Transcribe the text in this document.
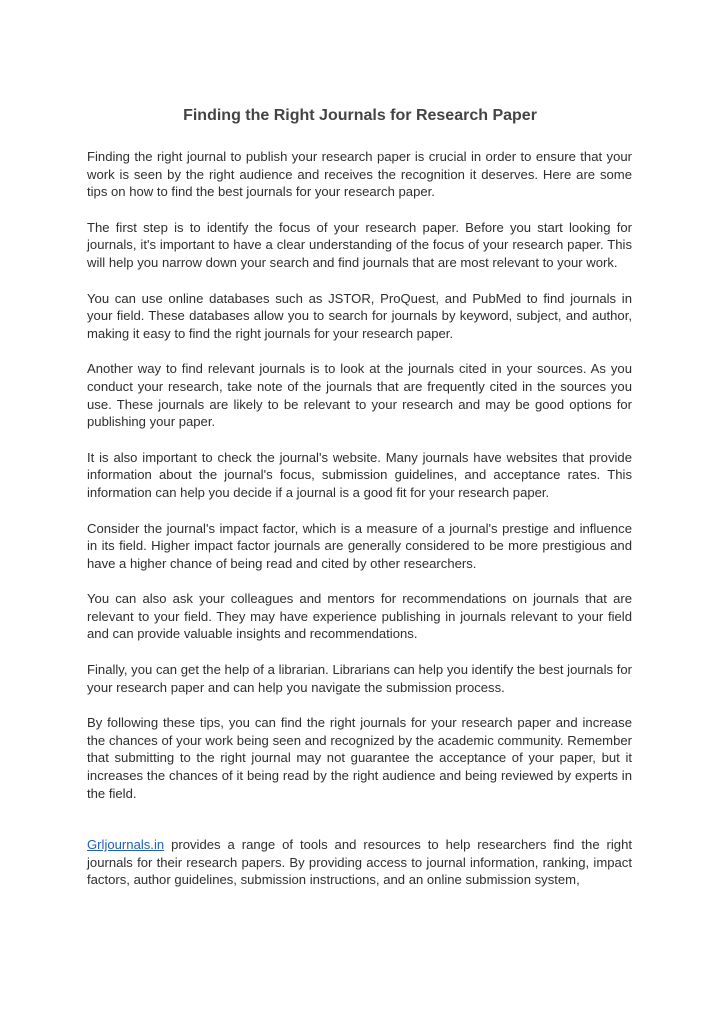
Finding the Right Journals for Research Paper

Finding the right journal to publish your research paper is crucial in order to ensure that your work is seen by the right audience and receives the recognition it deserves. Here are some tips on how to find the best journals for your research paper.

The first step is to identify the focus of your research paper. Before you start looking for journals, it's important to have a clear understanding of the focus of your research paper. This will help you narrow down your search and find journals that are most relevant to your work.

You can use online databases such as JSTOR, ProQuest, and PubMed to find journals in your field. These databases allow you to search for journals by keyword, subject, and author, making it easy to find the right journals for your research paper.

Another way to find relevant journals is to look at the journals cited in your sources. As you conduct your research, take note of the journals that are frequently cited in the sources you use. These journals are likely to be relevant to your research and may be good options for publishing your paper.

It is also important to check the journal's website. Many journals have websites that provide information about the journal's focus, submission guidelines, and acceptance rates. This information can help you decide if a journal is a good fit for your research paper.

Consider the journal's impact factor, which is a measure of a journal's prestige and influence in its field. Higher impact factor journals are generally considered to be more prestigious and have a higher chance of being read and cited by other researchers.

You can also ask your colleagues and mentors for recommendations on journals that are relevant to your field. They may have experience publishing in journals relevant to your field and can provide valuable insights and recommendations.

Finally, you can get the help of a librarian. Librarians can help you identify the best journals for your research paper and can help you navigate the submission process.

By following these tips, you can find the right journals for your research paper and increase the chances of your work being seen and recognized by the academic community. Remember that submitting to the right journal may not guarantee the acceptance of your paper, but it increases the chances of it being read by the right audience and being reviewed by experts in the field.

Grljournals.in provides a range of tools and resources to help researchers find the right journals for their research papers. By providing access to journal information, ranking, impact factors, author guidelines, submission instructions, and an online submission system,
